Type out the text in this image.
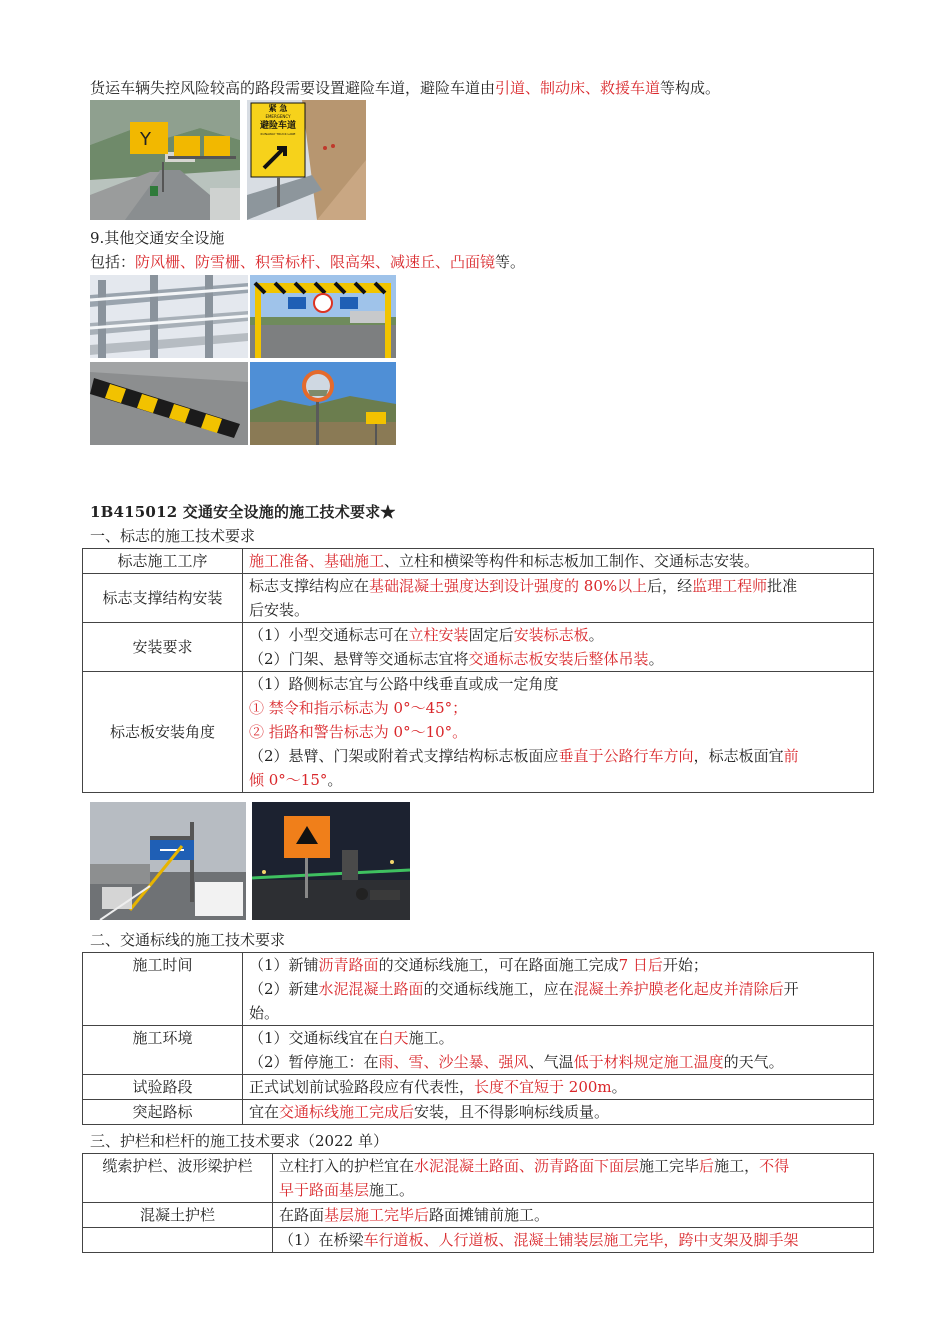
货运车辆失控风险较高的路段需要设置避险车道，避险车道由引道、制动床、救援车道等构成。
Y
紧 急
EMERGENCY
避险车道
RUNAWAY TRUCK LANE
9.其他交通安全设施
包括：防风栅、防雪栅、积雪标杆、限高架、减速丘、凸面镜等。
1B415012 交通安全设施的施工技术要求★
一、标志的施工技术要求
标志施工工序	施工准备、基础施工、立柱和横梁等构件和标志板加工制作、交通标志安装。

标志支撑结构安装	标志支撑结构应在基础混凝土强度达到设计强度的 80%以上后，经监理工程师批准
后安装。

安装要求	（1）小型交通标志可在立柱安装固定后安装标志板。
（2）门架、悬臂等交通标志宜将交通标志板安装后整体吊装。

标志板安装角度	（1）路侧标志宜与公路中线垂直或成一定角度
① 禁令和指示标志为 0°～45°；
② 指路和警告标志为 0°～10°。
（2）悬臂、门架或附着式支撑结构标志板面应垂直于公路行车方向，标志板面宜前
倾 0°～15°。
二、交通标线的施工技术要求
施工时间	（1）新铺沥青路面的交通标线施工，可在路面施工完成7 日后开始；
（2）新建水泥混凝土路面的交通标线施工，应在混凝土养护膜老化起皮并清除后开
始。

施工环境	（1）交通标线宜在白天施工。
（2）暂停施工：在雨、雪、沙尘暴、强风、气温低于材料规定施工温度的天气。

试验路段	正式试划前试验路段应有代表性，长度不宜短于 200m。

突起路标	宜在交通标线施工完成后安装，且不得影响标线质量。
三、护栏和栏杆的施工技术要求（2022 单）
缆索护栏、波形梁护栏	立柱打入的护栏宜在水泥混凝土路面、沥青路面下面层施工完毕后施工，不得
早于路面基层施工。

混凝土护栏	在路面基层施工完毕后路面摊铺前施工。

	（1）在桥梁车行道板、人行道板、混凝土铺装层施工完毕，跨中支架及脚手架
